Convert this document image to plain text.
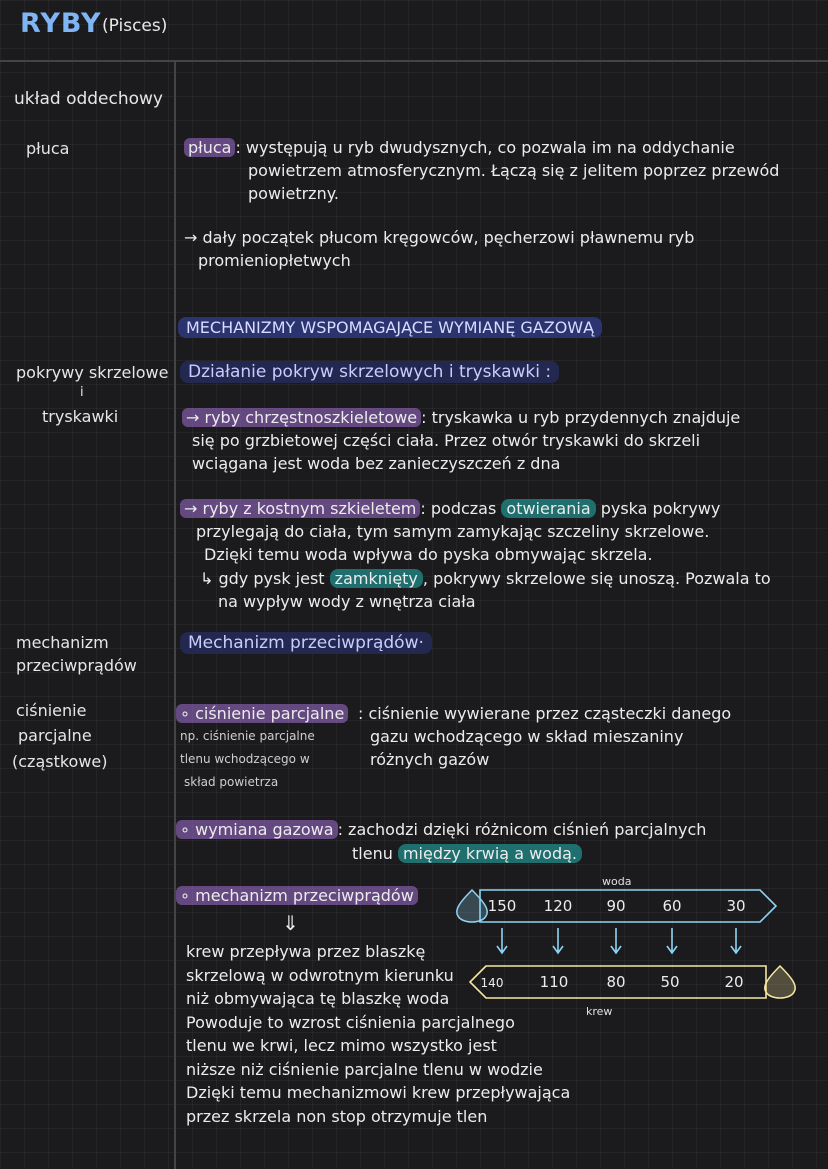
RYBY (Pisces)
układ oddechowy
płuca
pokrywy skrzelowe
i
tryskawki
mechanizm
przeciwprądów
ciśnienie
parcjalne
(cząstkowe)
płuca : występują u ryb dwudysznych, co pozwala im na oddychanie
powietrzem atmosferycznym. Łączą się z jelitem poprzez przewód
powietrzny.
→ dały początek płucom kręgowców, pęcherzowi pławnemu ryb
promieniopłetwych
MECHANIZMY WSPOMAGAJĄCE WYMIANĘ GAZOWĄ
Działanie pokryw skrzelowych i tryskawki :
→ ryby chrzęstnoszkieletowe : tryskawka u ryb przydennych znajduje
się po grzbietowej części ciała. Przez otwór tryskawki do skrzeli
wciągana jest woda bez zanieczyszczeń z dna
→ ryby z kostnym szkieletem : podczas otwierania pyska pokrywy
przylegają do ciała, tym samym zamykając szczeliny skrzelowe.
Dzięki temu woda wpływa do pyska obmywając skrzela.
↳ gdy pysk jest zamknięty , pokrywy skrzelowe się unoszą. Pozwala to
na wypływ wody z wnętrza ciała
Mechanizm przeciwprądów·
∘ ciśnienie parcjalne : ciśnienie wywierane przez cząsteczki danego
gazu wchodzącego w skład mieszaniny
różnych gazów
np. ciśnienie parcjalne
tlenu wchodzącego w
skład powietrza
∘ wymiana gazowa : zachodzi dzięki różnicom ciśnień parcjalnych
tlenu między krwią a wodą.
∘ mechanizm przeciwprądów
⇓
krew przepływa przez blaszkę
skrzelową w odwrotnym kierunku
niż obmywająca tę blaszkę woda
Powoduje to wzrost ciśnienia parcjalnego
tlenu we krwi, lecz mimo wszystko jest
niższe niż ciśnienie parcjalne tlenu w wodzie
Dzięki temu mechanizmowi krew przepływająca
przez skrzela non stop otrzymuje tlen
woda
150 120 90 60	30
140 110	80 50	20
krew
